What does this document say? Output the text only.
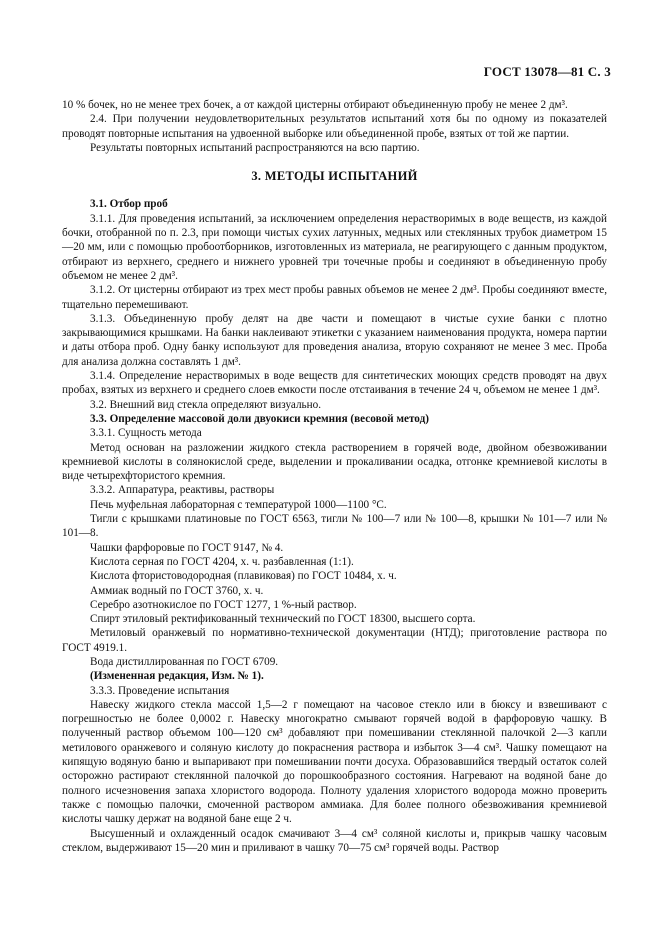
ГОСТ 13078—81 С. 3

10 % бочек, но не менее трех бочек, а от каждой цистерны отбирают объединенную пробу не менее 2 дм³.

2.4. При получении неудовлетворительных результатов испытаний хотя бы по одному из показателей проводят повторные испытания на удвоенной выборке или объединенной пробе, взятых от той же партии.

Результаты повторных испытаний распространяются на всю партию.

3. МЕТОДЫ ИСПЫТАНИЙ

3.1. Отбор проб

3.1.1. Для проведения испытаний, за исключением определения нерастворимых в воде веществ, из каждой бочки, отобранной по п. 2.3, при помощи чистых сухих латунных, медных или стеклянных трубок диаметром 15—20 мм, или с помощью пробоотборников, изготовленных из материала, не реагирующего с данным продуктом, отбирают из верхнего, среднего и нижнего уровней три точечные пробы и соединяют в объединенную пробу объемом не менее 2 дм³.

3.1.2. От цистерны отбирают из трех мест пробы равных объемов не менее 2 дм³. Пробы соединяют вместе, тщательно перемешивают.

3.1.3. Объединенную пробу делят на две части и помещают в чистые сухие банки с плотно закрывающимися крышками. На банки наклеивают этикетки с указанием наименования продукта, номера партии и даты отбора проб. Одну банку используют для проведения анализа, вторую сохраняют не менее 3 мес. Проба для анализа должна составлять 1 дм³.

3.1.4. Определение нерастворимых в воде веществ для синтетических моющих средств проводят на двух пробах, взятых из верхнего и среднего слоев емкости после отстаивания в течение 24 ч, объемом не менее 1 дм³.

3.2. Внешний вид стекла определяют визуально.

3.3. Определение массовой доли двуокиси кремния (весовой метод)

3.3.1. Сущность метода

Метод основан на разложении жидкого стекла растворением в горячей воде, двойном обезвоживании кремниевой кислоты в солянокислой среде, выделении и прокаливании осадка, отгонке кремниевой кислоты в виде четырехфтористого кремния.

3.3.2. Аппаратура, реактивы, растворы

Печь муфельная лабораторная с температурой 1000—1100 °С.

Тигли с крышками платиновые по ГОСТ 6563, тигли № 100—7 или № 100—8, крышки № 101—7 или № 101—8.

Чашки фарфоровые по ГОСТ 9147, № 4.

Кислота серная по ГОСТ 4204, х. ч. разбавленная (1:1).

Кислота фтористоводородная (плавиковая) по ГОСТ 10484, х. ч.

Аммиак водный по ГОСТ 3760, х. ч.

Серебро азотнокислое по ГОСТ 1277, 1 %-ный раствор.

Спирт этиловый ректификованный технический по ГОСТ 18300, высшего сорта.

Метиловый оранжевый по нормативно-технической документации (НТД); приготовление раствора по ГОСТ 4919.1.

Вода дистиллированная по ГОСТ 6709.

(Измененная редакция, Изм. № 1).

3.3.3. Проведение испытания

Навеску жидкого стекла массой 1,5—2 г помещают на часовое стекло или в бюксу и взвешивают с погрешностью не более 0,0002 г. Навеску многократно смывают горячей водой в фарфоровую чашку. В полученный раствор объемом 100—120 см³ добавляют при помешивании стеклянной палочкой 2—3 капли метилового оранжевого и соляную кислоту до покраснения раствора и избыток 3—4 см³. Чашку помещают на кипящую водяную баню и выпаривают при помешивании почти досуха. Образовавшийся твердый остаток солей осторожно растирают стеклянной палочкой до порошкообразного состояния. Нагревают на водяной бане до полного исчезновения запаха хлористого водорода. Полноту удаления хлористого водорода можно проверить также с помощью палочки, смоченной раствором аммиака. Для более полного обезвоживания кремниевой кислоты чашку держат на водяной бане еще 2 ч.

Высушенный и охлажденный осадок смачивают 3—4 см³ соляной кислоты и, прикрыв чашку часовым стеклом, выдерживают 15—20 мин и приливают в чашку 70—75 см³ горячей воды. Раствор
